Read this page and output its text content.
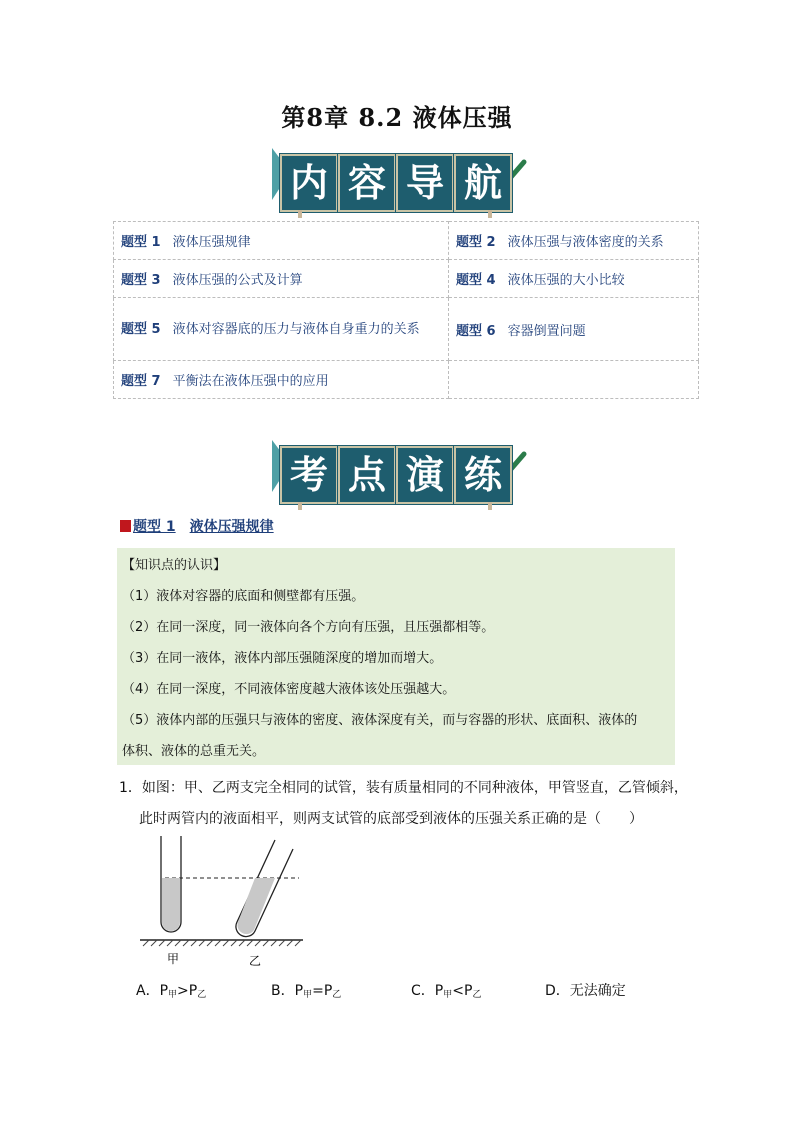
第8章 8.2 液体压强
内 容 导 航
题型 1 液体压强规律	题型 2 液体压强与液体密度的关系
题型 3 液体压强的公式及计算	题型 4 液体压强的大小比较
题型 5 液体对容器底的压力与液体自身重力的关系	题型 6 容器倒置问题
题型 7 平衡法在液体压强中的应用	
考 点 演 练
题型 1 液体压强规律
【知识点的认识】
（1）液体对容器的底面和侧壁都有压强。
（2）在同一深度，同一液体向各个方向有压强，且压强都相等。
（3）在同一液体，液体内部压强随深度的增加而增大。
（4）在同一深度，不同液体密度越大液体该处压强越大。
（5）液体内部的压强只与液体的密度、液体深度有关，而与容器的形状、底面积、液体的
体积、液体的总重无关。
1．如图：甲、乙两支完全相同的试管，装有质量相同的不同种液体，甲管竖直，乙管倾斜，
此时两管内的液面相平，则两支试管的底部受到液体的压强关系正确的是（　　）
甲	乙
A．$P_甲>P_乙$	B．$P_甲=P_乙$	C．$P_甲<P_乙$	D．无法确定
